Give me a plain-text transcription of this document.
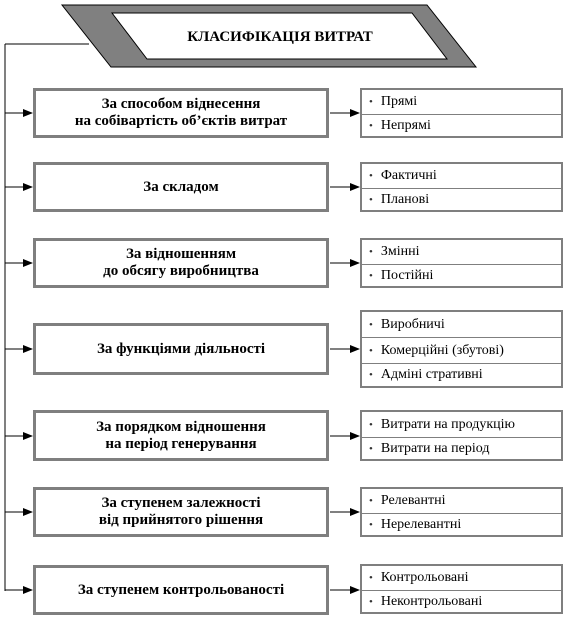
КЛАСИФІКАЦІЯ ВИТРАТ
За способом віднесення
на собівартість об’єктів витрат
• Прямі
• Непрямі
За складом
• Фактичні
• Планові
За відношенням
до обсягу виробництва
• Змінні
• Постійні
За функціями діяльності
• Виробничі
• Комерційні (збутові)
• Адміні стративні
За порядком відношення
на період генерування
• Витрати на продукцію
• Витрати на період
За ступенем залежності
від прийнятого рішення
• Релевантні
• Нерелевантні
За ступенем контрольованості
• Контрольовані
• Неконтрольовані
